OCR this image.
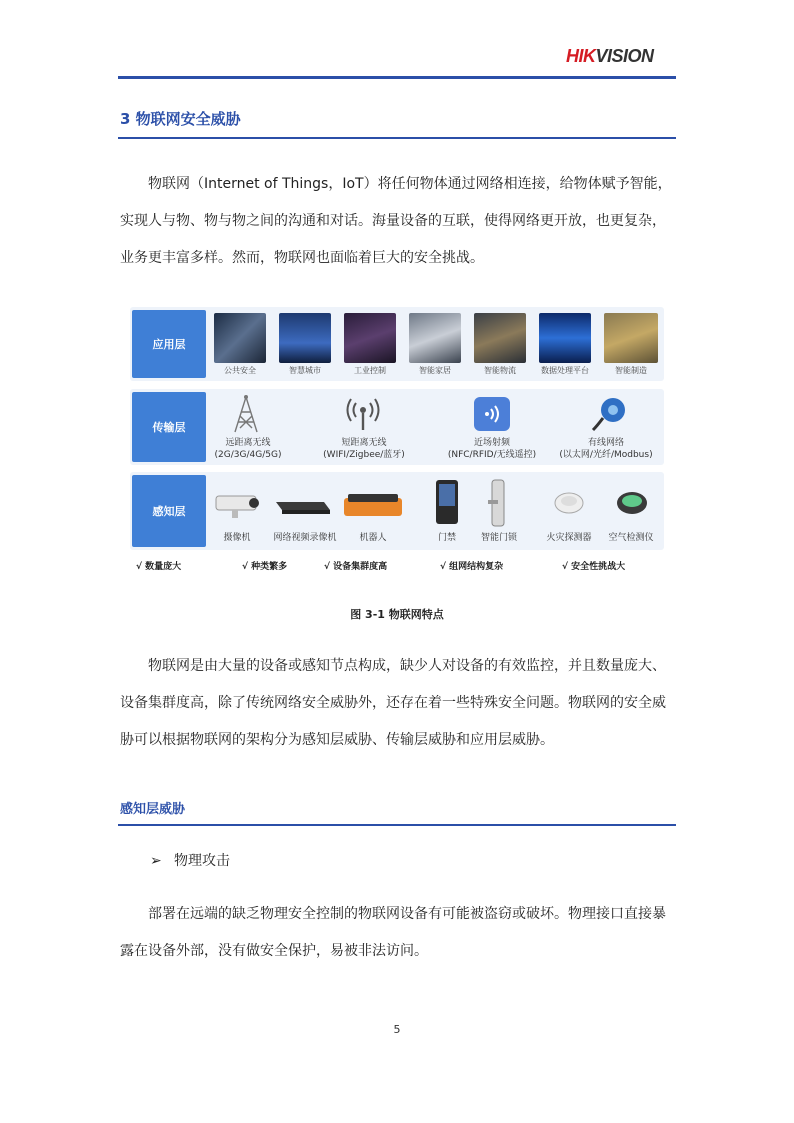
HIKVISION
3 物联网安全威胁
物联网（Internet of Things，IoT）将任何物体通过网络相连接，给物体赋予智能，
实现人与物、物与物之间的沟通和对话。海量设备的互联，使得网络更开放，也更复杂，
业务更丰富多样。然而，物联网也面临着巨大的安全挑战。
应用层
公共安全	智慧城市	工业控制	智能家居	智能物流	数据处理平台	智能制造
传输层
远距离无线
(2G/3G/4G/5G)
短距离无线
(WIFI/Zigbee/蓝牙)
近场射频
(NFC/RFID/无线遥控)
有线网络
(以太网/光纤/Modbus)
感知层
摄像机	网络视频录像机	机器人	门禁	智能门锁	火灾探测器	空气检测仪
√ 数量庞大	√ 种类繁多	√ 设备集群度高	√ 组网结构复杂	√ 安全性挑战大
图 3-1 物联网特点
物联网是由大量的设备或感知节点构成，缺少人对设备的有效监控，并且数量庞大、
设备集群度高，除了传统网络安全威胁外，还存在着一些特殊安全问题。物联网的安全威
胁可以根据物联网的架构分为感知层威胁、传输层威胁和应用层威胁。
感知层威胁
➢ 物理攻击
部署在远端的缺乏物理安全控制的物联网设备有可能被盗窃或破坏。物理接口直接暴
露在设备外部，没有做安全保护，易被非法访问。
5
